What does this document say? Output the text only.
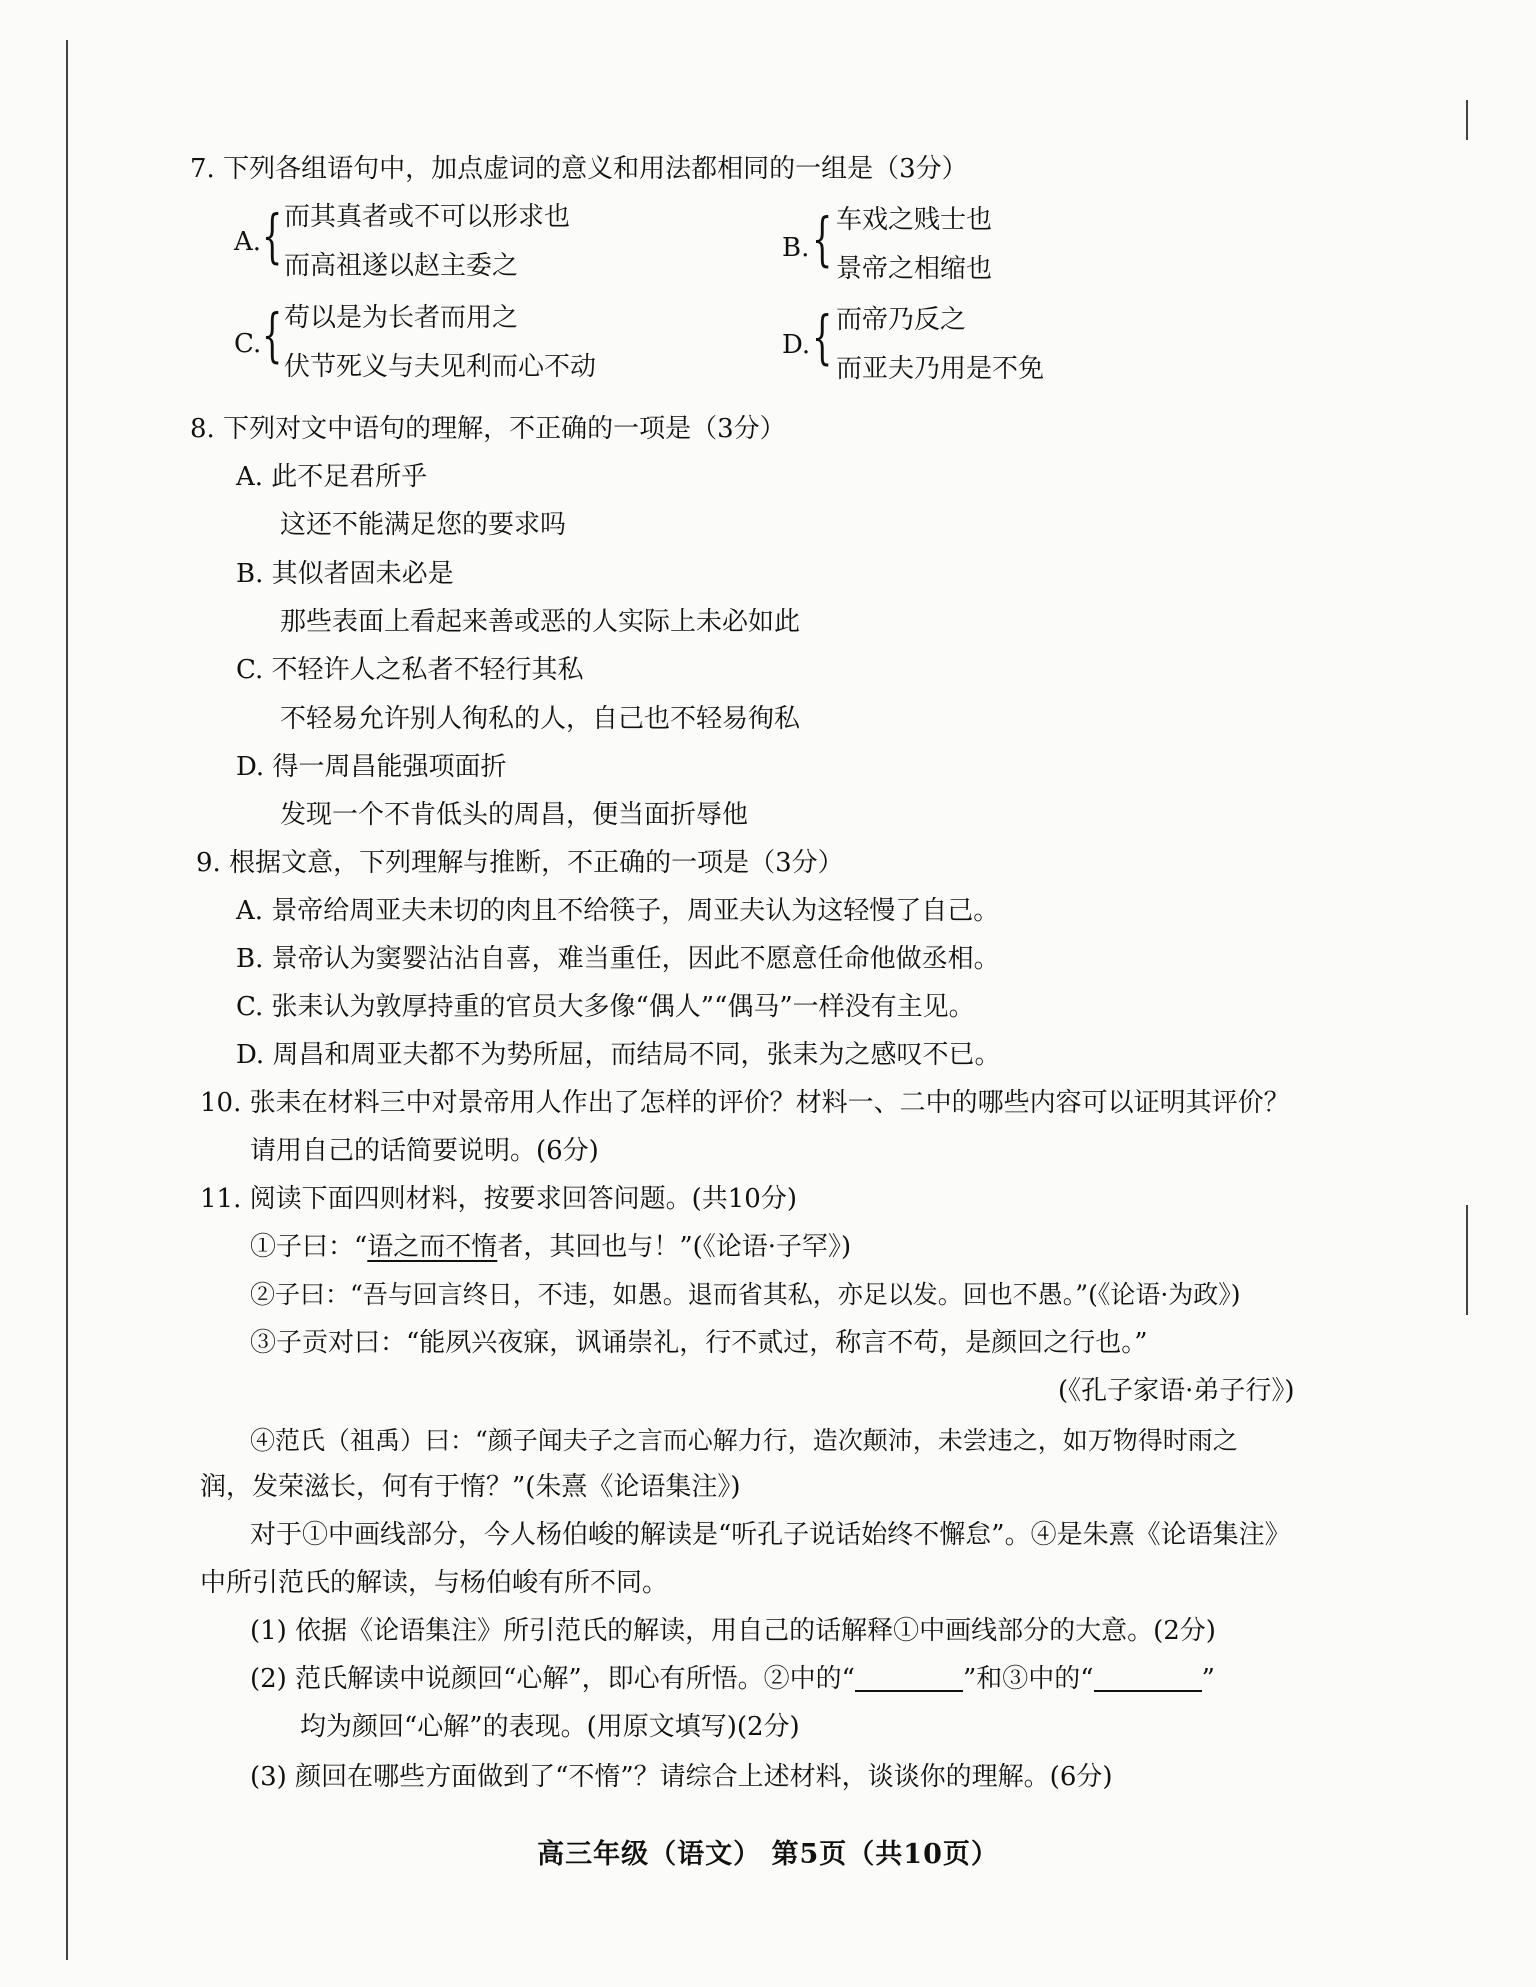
7. 下列各组语句中，加点虚词的意义和用法都相同的一组是（3分）
A. { 而其真者或不可以形求也
而高祖遂以赵主委之
B. { 车戏之贱士也
景帝之相缩也
C. { 苟以是为长者而用之
伏节死义与夫见利而心不动
D. { 而帝乃反之
而亚夫乃用是不免
8. 下列对文中语句的理解，不正确的一项是（3分）
A. 此不足君所乎
这还不能满足您的要求吗
B. 其似者固未必是
那些表面上看起来善或恶的人实际上未必如此
C. 不轻许人之私者不轻行其私
不轻易允许别人徇私的人，自己也不轻易徇私
D. 得一周昌能强项面折
发现一个不肯低头的周昌，便当面折辱他
9. 根据文意，下列理解与推断，不正确的一项是（3分）
A. 景帝给周亚夫未切的肉且不给筷子，周亚夫认为这轻慢了自己。
B. 景帝认为窦婴沾沾自喜，难当重任，因此不愿意任命他做丞相。
C. 张耒认为敦厚持重的官员大多像“偶人”“偶马”一样没有主见。
D. 周昌和周亚夫都不为势所屈，而结局不同，张耒为之感叹不已。
10. 张耒在材料三中对景帝用人作出了怎样的评价？材料一、二中的哪些内容可以证明其评价？
请用自己的话简要说明。(6分)
11. 阅读下面四则材料，按要求回答问题。(共10分)
①子曰：“语之而不惰者，其回也与！”(《论语·子罕》)
②子曰：“吾与回言终日，不违，如愚。退而省其私，亦足以发。回也不愚。”(《论语·为政》)
③子贡对曰：“能夙兴夜寐，讽诵崇礼，行不贰过，称言不苟，是颜回之行也。”
(《孔子家语·弟子行》)
④范氏（祖禹）曰：“颜子闻夫子之言而心解力行，造次颠沛，未尝违之，如万物得时雨之
润，发荣滋长，何有于惰？”(朱熹《论语集注》)
对于①中画线部分，今人杨伯峻的解读是“听孔子说话始终不懈怠”。④是朱熹《论语集注》
中所引范氏的解读，与杨伯峻有所不同。
(1) 依据《论语集注》所引范氏的解读，用自己的话解释①中画线部分的大意。(2分)
(2) 范氏解读中说颜回“心解”，即心有所悟。②中的“	”和③中的“	”
均为颜回“心解”的表现。(用原文填写)(2分)
(3) 颜回在哪些方面做到了“不惰”？请综合上述材料，谈谈你的理解。(6分)
高三年级（语文） 第5页（共10页）
